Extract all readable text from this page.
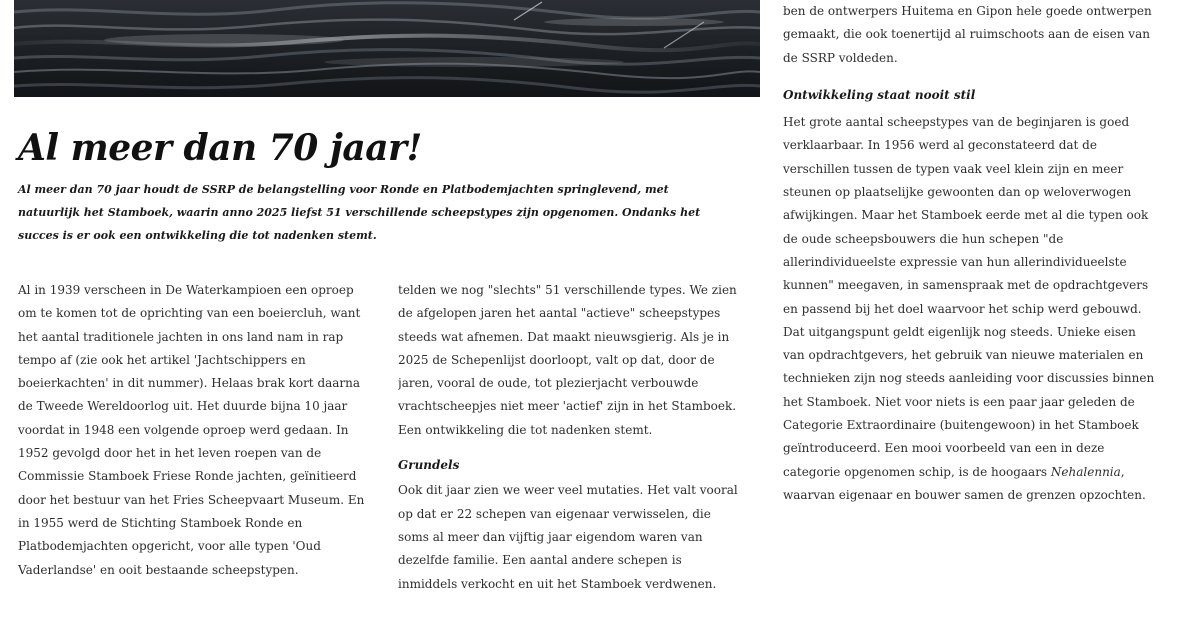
Al meer dan 70 jaar!

Al meer dan 70 jaar houdt de SSRP de belangstelling voor Ronde en Platbodemjachten springlevend, met natuurlijk het Stamboek, waarin anno 2025 liefst 51 verschillende scheepstypes zijn opgenomen. Ondanks het succes is er ook een ontwikkeling die tot nadenken stemt.

Al in 1939 verscheen in De Waterkampioen een oproep om te komen tot de oprichting van een boeiercluh, want het aantal traditionele jachten in ons land nam in rap tempo af (zie ook het artikel 'Jachtschippers en boeierkachten' in dit nummer). Helaas brak kort daarna de Tweede Wereldoorlog uit. Het duurde bijna 10 jaar voordat in 1948 een volgende oproep werd gedaan. In 1952 gevolgd door het in het leven roepen van de Commissie Stamboek Friese Ronde jachten, geïnitieerd door het bestuur van het Fries Scheepvaart Museum. En in 1955 werd de Stichting Stamboek Ronde en Platbodemjachten opgericht, voor alle typen 'Oud Vaderlandse' en ooit bestaande scheepstypen.

telden we nog "slechts" 51 verschillende types. We zien de afgelopen jaren het aantal "actieve" scheepstypes steeds wat afnemen. Dat maakt nieuwsgierig. Als je in 2025 de Schepenlijst doorloopt, valt op dat, door de jaren, vooral de oude, tot plezierjacht verbouwde vrachtscheepjes niet meer 'actief' zijn in het Stamboek. Een ontwikkeling die tot nadenken stemt.

Grundels

Ook dit jaar zien we weer veel mutaties. Het valt vooral op dat er 22 schepen van eigenaar verwisselen, die soms al meer dan vijftig jaar eigendom waren van dezelfde familie. Een aantal andere schepen is inmiddels verkocht en uit het Stamboek verdwenen.

ben de ontwerpers Huitema en Gipon hele goede ontwerpen gemaakt, die ook toenertijd al ruimschoots aan de eisen van de SSRP voldeden.

Ontwikkeling staat nooit stil

Het grote aantal scheepstypes van de beginjaren is goed verklaarbaar. In 1956 werd al geconstateerd dat de verschillen tussen de typen vaak veel klein zijn en meer steunen op plaatselijke gewoonten dan op weloverwogen afwijkingen. Maar het Stamboek eerde met al die typen ook de oude scheepsbouwers die hun schepen "de allerindividueelste expressie van hun allerindividueelste kunnen" meegaven, in samenspraak met de opdrachtgevers en passend bij het doel waarvoor het schip werd gebouwd.

Dat uitgangspunt geldt eigenlijk nog steeds. Unieke eisen van opdrachtgevers, het gebruik van nieuwe materialen en technieken zijn nog steeds aanleiding voor discussies binnen het Stamboek. Niet voor niets is een paar jaar geleden de Categorie Extraordinaire (buitengewoon) in het Stamboek geïntroduceerd. Een mooi voorbeeld van een in deze categorie opgenomen schip, is de hoogaars Nehalennia, waarvan eigenaar en bouwer samen de grenzen opzochten.
